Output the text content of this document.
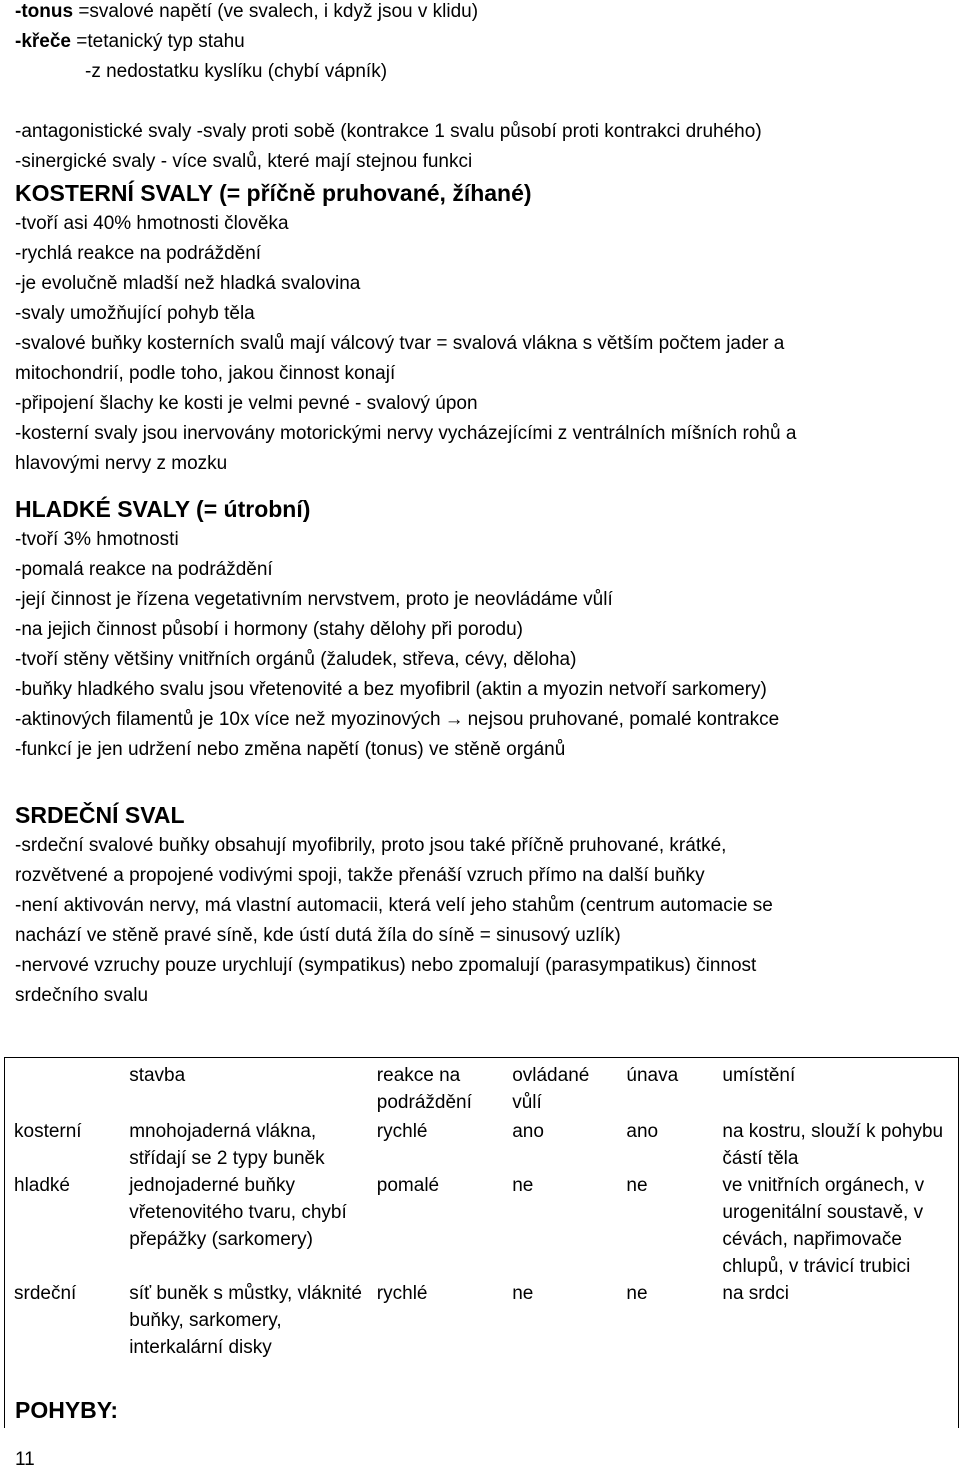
-tonus =svalové napětí (ve svalech, i když jsou v klidu)
-křeče =tetanický typ stahu
-z nedostatku kyslíku (chybí vápník)
-antagonistické svaly -svaly proti sobě (kontrakce 1 svalu působí proti kontrakci druhého)
-sinergické svaly - více svalů, které mají stejnou funkci
KOSTERNÍ SVALY (= příčně pruhované, žíhané)
-tvoří asi 40% hmotnosti člověka
-rychlá reakce na podráždění
-je evolučně mladší než hladká svalovina
-svaly umožňující pohyb těla
-svalové buňky kosterních svalů mají válcový tvar = svalová vlákna s větším počtem jader a
mitochondrií, podle toho, jakou činnost konají
-připojení šlachy ke kosti je velmi pevné - svalový úpon
-kosterní svaly jsou inervovány motorickými nervy vycházejícími z ventrálních míšních rohů a
hlavovými nervy z mozku
HLADKÉ SVALY (= útrobní)
-tvoří 3% hmotnosti
-pomalá reakce na podráždění
-její činnost je řízena vegetativním nervstvem, proto je neovládáme vůlí
-na jejich činnost působí i hormony (stahy dělohy při porodu)
-tvoří stěny většiny vnitřních orgánů (žaludek, střeva, cévy, děloha)
-buňky hladkého svalu jsou vřetenovité a bez myofibril (aktin a myozin netvoří sarkomery)
-aktinových filamentů je 10x více než myozinových → nejsou pruhované, pomalé kontrakce
-funkcí je jen udržení nebo změna napětí (tonus) ve stěně orgánů
SRDEČNÍ SVAL
-srdeční svalové buňky obsahují myofibrily, proto jsou také příčně pruhované, krátké,
rozvětvené a propojené vodivými spoji, takže přenáší vzruch přímo na další buňky
-není aktivován nervy, má vlastní automacii, která velí jeho stahům (centrum automacie se
nachází ve stěně pravé síně, kde ústí dutá žíla do síně = sinusový uzlík)
-nervové vzruchy pouze urychlují (sympatikus) nebo zpomalují (parasympatikus) činnost
srdečního svalu
	stavba	reakce na podráždění	ovládané vůlí	únava	umístění
kosterní	mnohojaderná vlákna, střídají se 2 typy buněk	rychlé	ano	ano	na kostru, slouží k pohybu částí těla
hladké	jednojaderné buňky vřetenovitého tvaru, chybí přepážky (sarkomery)	pomalé	ne	ne	ve vnitřních orgánech, v urogenitální soustavě, v cévách, napřimovače chlupů, v trávicí trubici
srdeční	síť buněk s můstky, vláknité buňky, sarkomery, interkalární disky	rychlé	ne	ne	na srdci
POHYBY:
11
